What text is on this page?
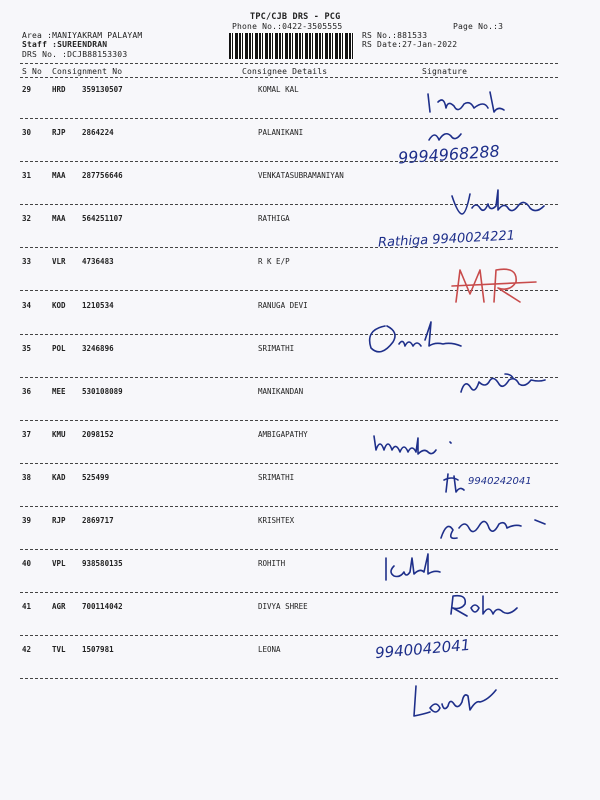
TPC/CJB DRS - PCG
Phone No.:0422-3505555	Page No.:3
Area :MANIYAKRAM PALAYAM
Staff :SUREENDRAN
DRS No. :DCJB88153303
RS No.:881533
RS Date:27-Jan-2022
S No Consignment No	Consignee Details	Signature
29	HRD 359130507	KOMAL KAL
30	RJP 2864224	PALANIKANI
31	MAA 287756646	VENKATASUBRAMANIYAN
32	MAA 564251107	RATHIGA
33	VLR 4736483	R K E/P
34	KOD 1210534	RANUGA DEVI
35	POL 3246896	SRIMATHI
36	MEE 530108089	MANIKANDAN
37	KMU 2098152	AMBIGAPATHY
38	KAD 525499	SRIMATHI
39	RJP 2869717	KRISHTEX
40	VPL 938580135	ROHITH
41	AGR 700114042	DIVYA SHREE
42	TVL 1507981	LEONA
9994968288
Rathiga 9940024221
9940242041
9940042041
